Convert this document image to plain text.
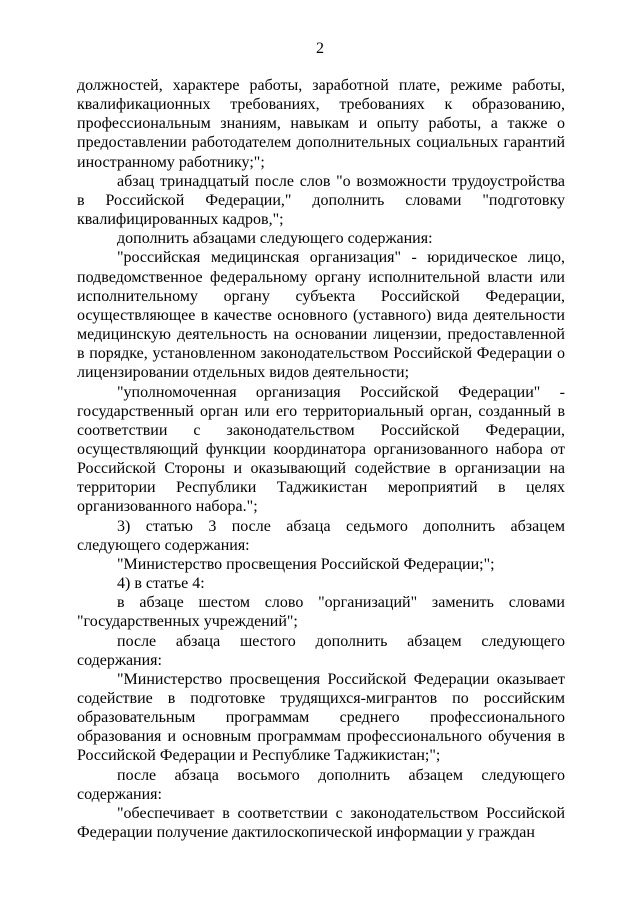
2

должностей, характере работы, заработной плате, режиме работы, квалификационных требованиях, требованиях к образованию, профессиональным знаниям, навыкам и опыту работы, а также о предоставлении работодателем дополнительных социальных гарантий иностранному работнику;";

абзац тринадцатый после слов "о возможности трудоустройства в Российской Федерации," дополнить словами "подготовку квалифицированных кадров,";

дополнить абзацами следующего содержания:

"российская медицинская организация" - юридическое лицо, подведомственное федеральному органу исполнительной власти или исполнительному органу субъекта Российской Федерации, осуществляющее в качестве основного (уставного) вида деятельности медицинскую деятельность на основании лицензии, предоставленной в порядке, установленном законодательством Российской Федерации о лицензировании отдельных видов деятельности;

"уполномоченная организация Российской Федерации" - государственный орган или его территориальный орган, созданный в соответствии с законодательством Российской Федерации, осуществляющий функции координатора организованного набора от Российской Стороны и оказывающий содействие в организации на территории Республики Таджикистан мероприятий в целях организованного набора.";

3) статью 3 после абзаца седьмого дополнить абзацем следующего содержания:

"Министерство просвещения Российской Федерации;";

4) в статье 4:

в абзаце шестом слово "организаций" заменить словами "государственных учреждений";

после абзаца шестого дополнить абзацем следующего содержания:

"Министерство просвещения Российской Федерации оказывает содействие в подготовке трудящихся-мигрантов по российским образовательным программам среднего профессионального образования и основным программам профессионального обучения в Российской Федерации и Республике Таджикистан;";

после абзаца восьмого дополнить абзацем следующего содержания:

"обеспечивает в соответствии с законодательством Российской Федерации получение дактилоскопической информации у граждан
